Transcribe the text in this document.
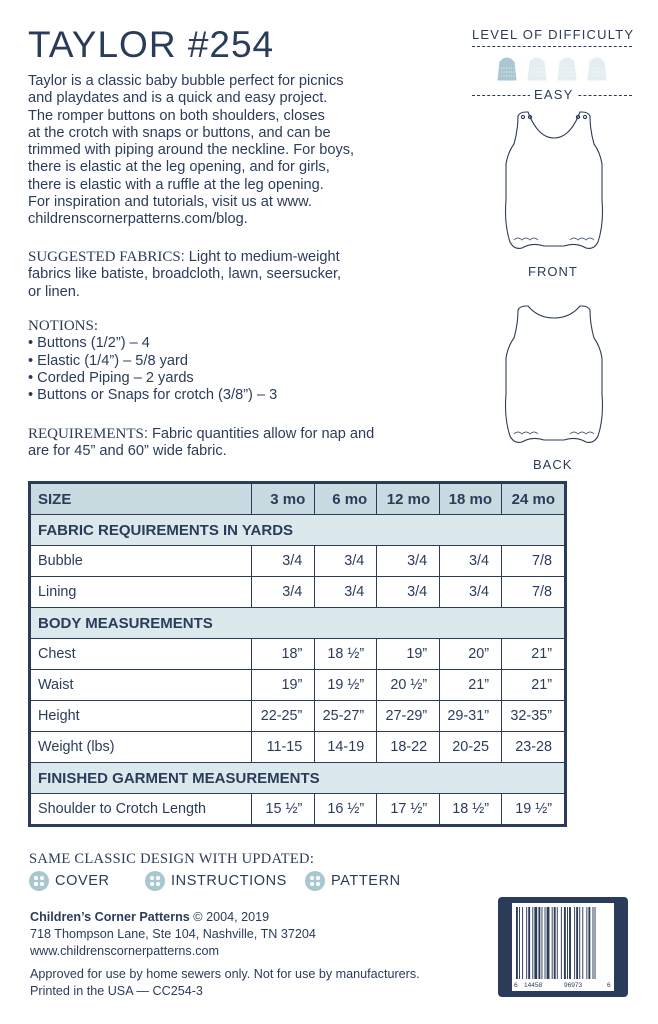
TAYLOR #254
Taylor is a classic baby bubble perfect for picnics
and playdates and is a quick and easy project.
The romper buttons on both shoulders, closes
at the crotch with snaps or buttons, and can be
trimmed with piping around the neckline. For boys,
there is elastic at the leg opening, and for girls,
there is elastic with a ruffle at the leg opening.
For inspiration and tutorials, visit us at www.
childrenscornerpatterns.com/blog.
SUGGESTED FABRICS: Light to medium-weight
fabrics like batiste, broadcloth, lawn, seersucker,
or linen.
NOTIONS:
• Buttons (1/2”) – 4
• Elastic (1/4”) – 5/8 yard
• Corded Piping – 2 yards
• Buttons or Snaps for crotch (3/8”) – 3
REQUIREMENTS: Fabric quantities allow for nap and
are for 45” and 60” wide fabric.
LEVEL OF DIFFICULTY
EASY
FRONT
BACK
SIZE	3 mo	6 mo	12 mo	18 mo	24 mo
FABRIC REQUIREMENTS IN YARDS					
Bubble	3/4	3/4	3/4	3/4	7/8
Lining	3/4	3/4	3/4	3/4	7/8
BODY MEASUREMENTS					
Chest	18”	18 ½”	19”	20”	21”
Waist	19”	19 ½”	20 ½”	21”	21”
Height	22-25”	25-27”	27-29”	29-31”	32-35”
Weight (lbs)	11-15	14-19	18-22	20-25	23-28
FINISHED GARMENT MEASUREMENTS					
Shoulder to Crotch Length	15 ½”	16 ½”	17 ½”	18 ½”	19 ½”
SAME CLASSIC DESIGN WITH UPDATED:
COVER	INSTRUCTIONS	PATTERN
Children’s Corner Patterns © 2004, 2019
718 Thompson Lane, Ste 104, Nashville, TN 37204
www.childrenscornerpatterns.com
Approved for use by home sewers only. Not for use by manufacturers.
Printed in the USA — CC254-3	6 14458	96973	6
